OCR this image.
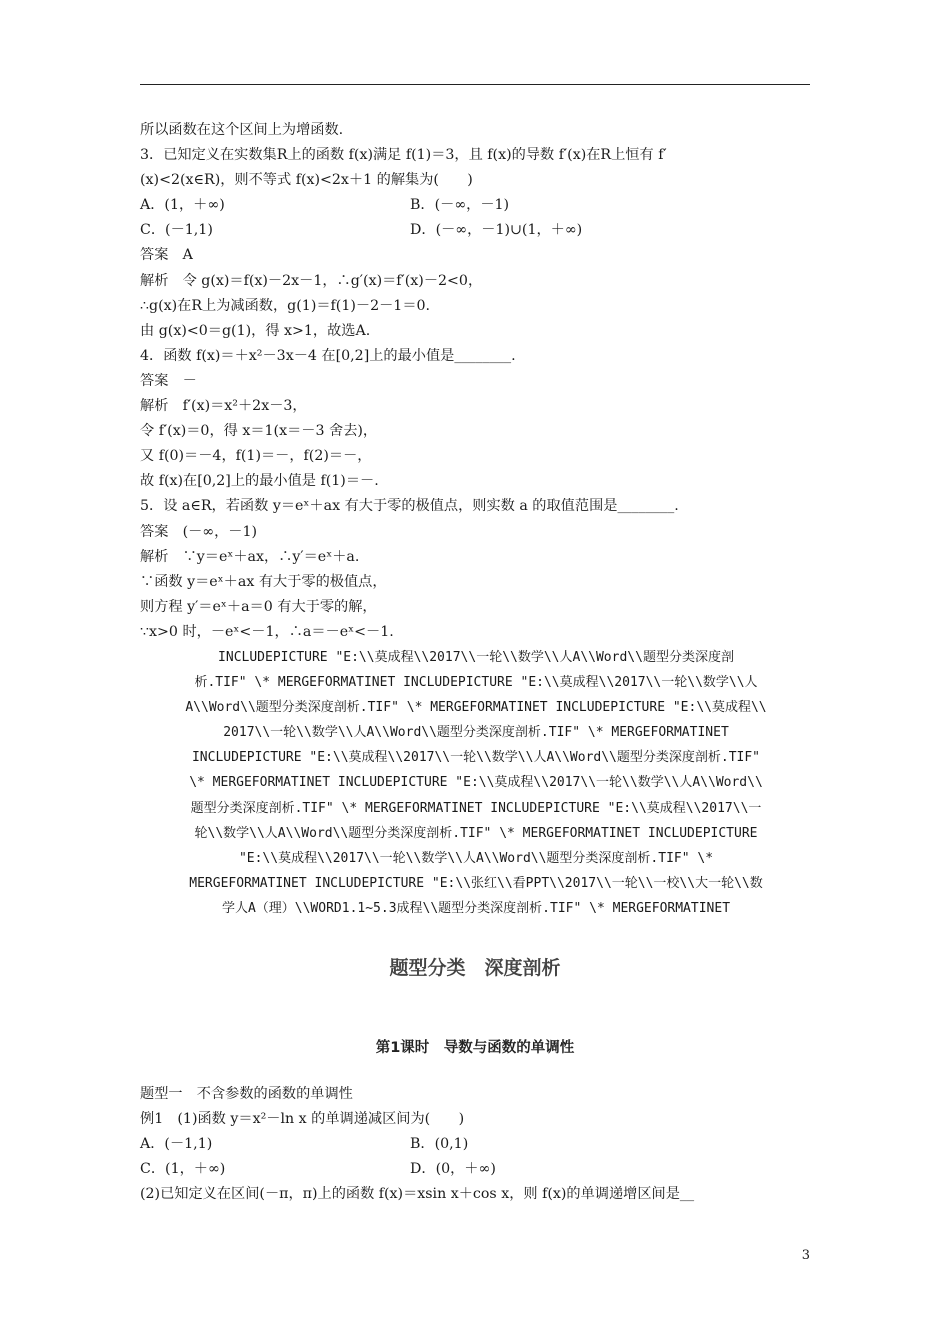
所以函数在这个区间上为增函数.
3．已知定义在实数集R上的函数 f(x)满足 f(1)＝3，且 f(x)的导数 f′(x)在R上恒有 f′
(x)<2(x∈R)，则不等式 f(x)<2x＋1 的解集为(　　)
A．(1，＋∞)	B．(－∞，－1)
C．(－1,1)	D．(－∞，－1)∪(1，＋∞)
答案　A
解析　令 g(x)＝f(x)－2x－1，∴g′(x)＝f′(x)－2<0，
∴g(x)在R上为减函数，g(1)＝f(1)－2－1＝0.
由 g(x)<0＝g(1)，得 x>1，故选A.
4．函数 f(x)＝＋x²－3x－4 在[0,2]上的最小值是________.
答案　－
解析　f′(x)＝x²＋2x－3，
令 f′(x)＝0，得 x＝1(x＝－3 舍去)，
又 f(0)＝－4，f(1)＝－，f(2)＝－，
故 f(x)在[0,2]上的最小值是 f(1)＝－.
5．设 a∈R，若函数 y＝eˣ＋ax 有大于零的极值点，则实数 a 的取值范围是________.
答案　(－∞，－1)
解析　∵y＝eˣ＋ax，∴y′＝eˣ＋a.
∵函数 y＝eˣ＋ax 有大于零的极值点，
则方程 y′＝eˣ＋a＝0 有大于零的解，
∵x>0 时，－eˣ<－1，∴a＝－eˣ<－1.
INCLUDEPICTURE "E:\\莫成程\\2017\\一轮\\数学\\人A\\Word\\题型分类深度剖
析.TIF" \* MERGEFORMATINET INCLUDEPICTURE "E:\\莫成程\\2017\\一轮\\数学\\人
A\\Word\\题型分类深度剖析.TIF" \* MERGEFORMATINET INCLUDEPICTURE "E:\\莫成程\\
2017\\一轮\\数学\\人A\\Word\\题型分类深度剖析.TIF" \* MERGEFORMATINET
INCLUDEPICTURE "E:\\莫成程\\2017\\一轮\\数学\\人A\\Word\\题型分类深度剖析.TIF"
\* MERGEFORMATINET INCLUDEPICTURE "E:\\莫成程\\2017\\一轮\\数学\\人A\\Word\\
题型分类深度剖析.TIF" \* MERGEFORMATINET INCLUDEPICTURE "E:\\莫成程\\2017\\一
轮\\数学\\人A\\Word\\题型分类深度剖析.TIF" \* MERGEFORMATINET INCLUDEPICTURE
"E:\\莫成程\\2017\\一轮\\数学\\人A\\Word\\题型分类深度剖析.TIF" \*
MERGEFORMATINET INCLUDEPICTURE "E:\\张红\\看PPT\\2017\\一轮\\一校\\大一轮\\数
学人A（理）\\WORD1.1~5.3成程\\题型分类深度剖析.TIF" \* MERGEFORMATINET
题型分类　深度剖析
第1课时　导数与函数的单调性
题型一　不含参数的函数的单调性
例1　(1)函数 y＝x²－ln x 的单调递减区间为(　　)
A．(－1,1)	B．(0,1)
C．(1，＋∞)	D．(0，＋∞)
(2)已知定义在区间(－π，π)上的函数 f(x)＝xsin x＋cos x，则 f(x)的单调递增区间是__
3
